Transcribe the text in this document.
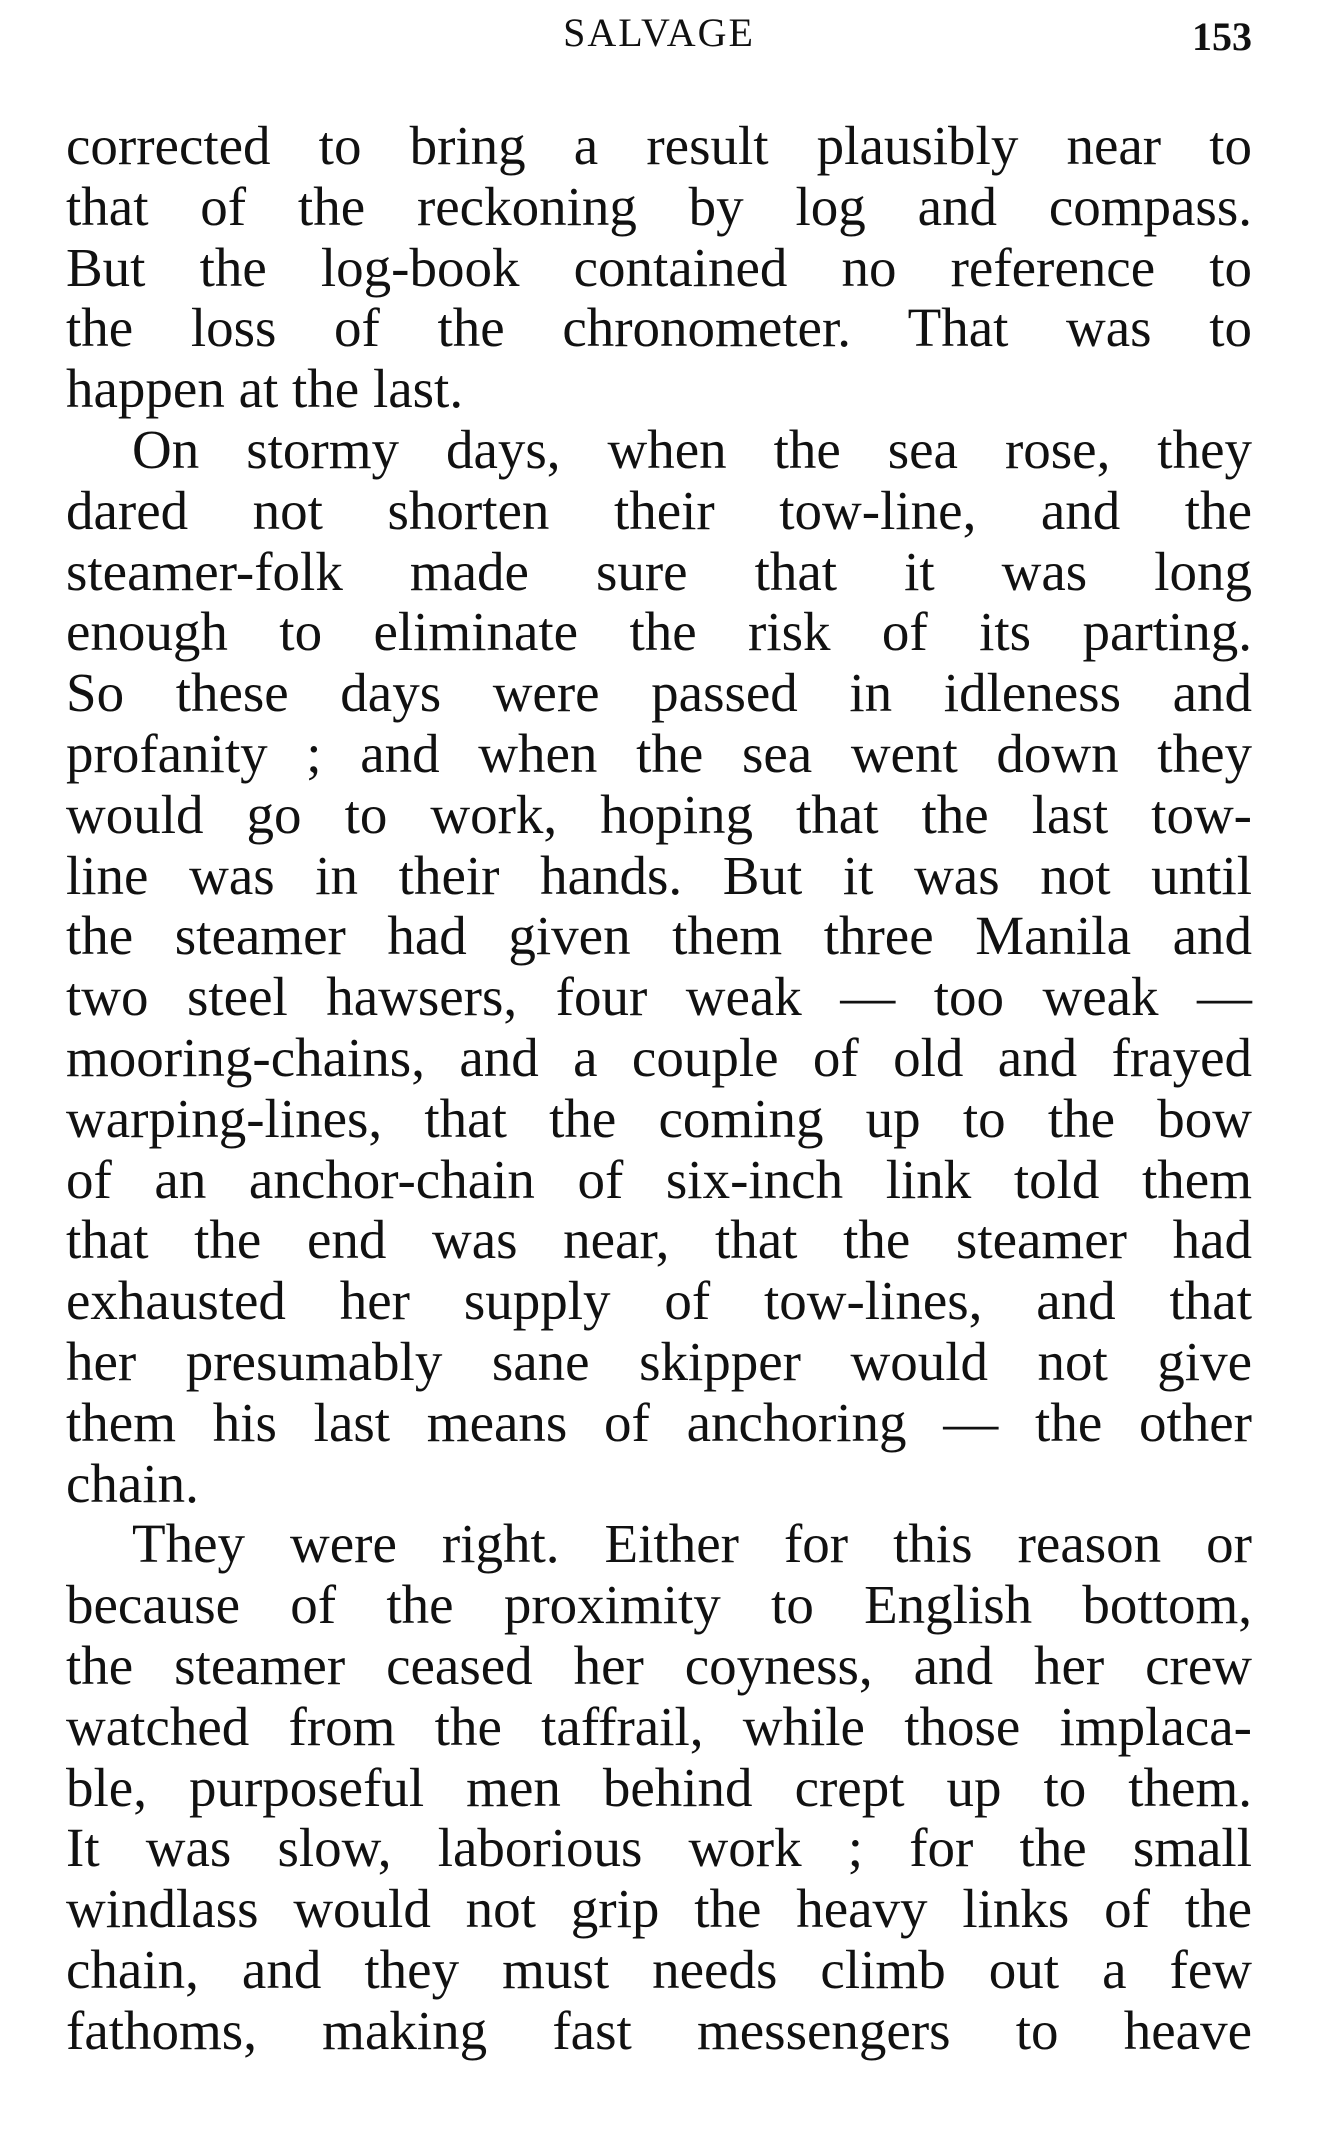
SALVAGE	153
corrected to bring a result plausibly near to
that of the reckoning by log and compass.
But the log-book contained no reference to
the loss of the chronometer. That was to
happen at the last.
On stormy days, when the sea rose, they
dared not shorten their tow-line, and the
steamer-folk made sure that it was long
enough to eliminate the risk of its parting.
So these days were passed in idleness and
profanity ; and when the sea went down they
would go to work, hoping that the last tow-
line was in their hands. But it was not until
the steamer had given them three Manila and
two steel hawsers, four weak — too weak —
mooring-chains, and a couple of old and frayed
warping-lines, that the coming up to the bow
of an anchor-chain of six-inch link told them
that the end was near, that the steamer had
exhausted her supply of tow-lines, and that
her presumably sane skipper would not give
them his last means of anchoring — the other
chain.
They were right. Either for this reason or
because of the proximity to English bottom,
the steamer ceased her coyness, and her crew
watched from the taffrail, while those implaca-
ble, purposeful men behind crept up to them.
It was slow, laborious work ; for the small
windlass would not grip the heavy links of the
chain, and they must needs climb out a few
fathoms, making fast messengers to heave
